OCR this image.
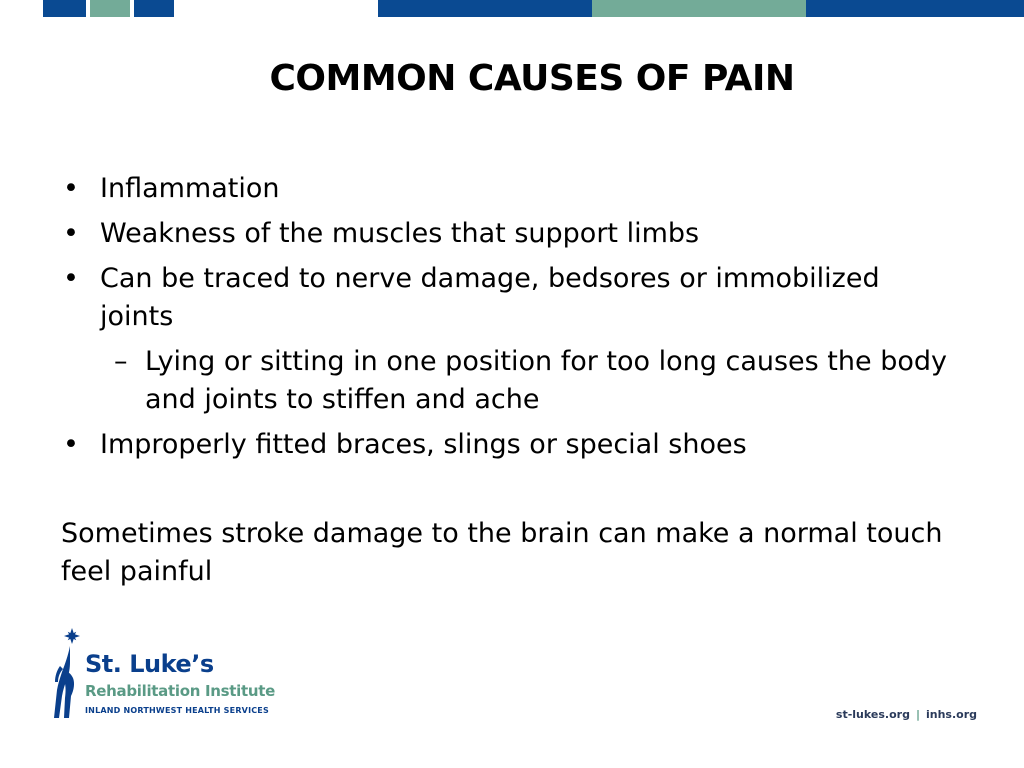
COMMON CAUSES OF PAIN
• Inflammation
• Weakness of the muscles that support limbs
• Can be traced to nerve damage, bedsores or immobilized joints
– Lying or sitting in one position for too long causes the body and joints to stiffen and ache
• Improperly fitted braces, slings or special shoes

Sometimes stroke damage to the brain can make a normal touch feel painful

St. Luke’s
Rehabilitation Institute
INLAND NORTHWEST HEALTH SERVICES	st-lukes.org | inhs.org
